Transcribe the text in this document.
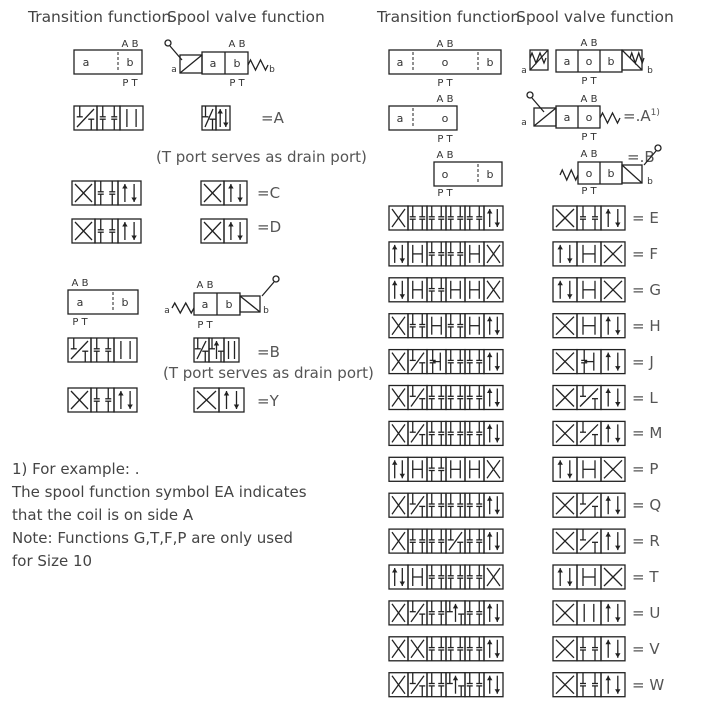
Transition function
Spool valve function	Transition function
Spool valve function
=A
(T port serves as drain port)
=C
=D
=B
(T port serves as drain port)
=Y
1) For example: .
The spool function symbol EA indicates
that the coil is on side A
Note: Functions G,T,F,P are only used
for Size 10
$=.A^{1)}$
=.B
= E
= F
= G
= H
= J
= L
= M
= P
= Q
= R
= T
= U
= V
= W
a	b
A B
P T
a	a b	b
A B
P T
a	b
A B
P T
a	a b	b
A B
P T
a	o	b
A B
P T
a
a o b
b
A B
P T
a	o
A B
P T
a	a o
A B
P T
o	b
A B
P T
o b
b
A B
P T
